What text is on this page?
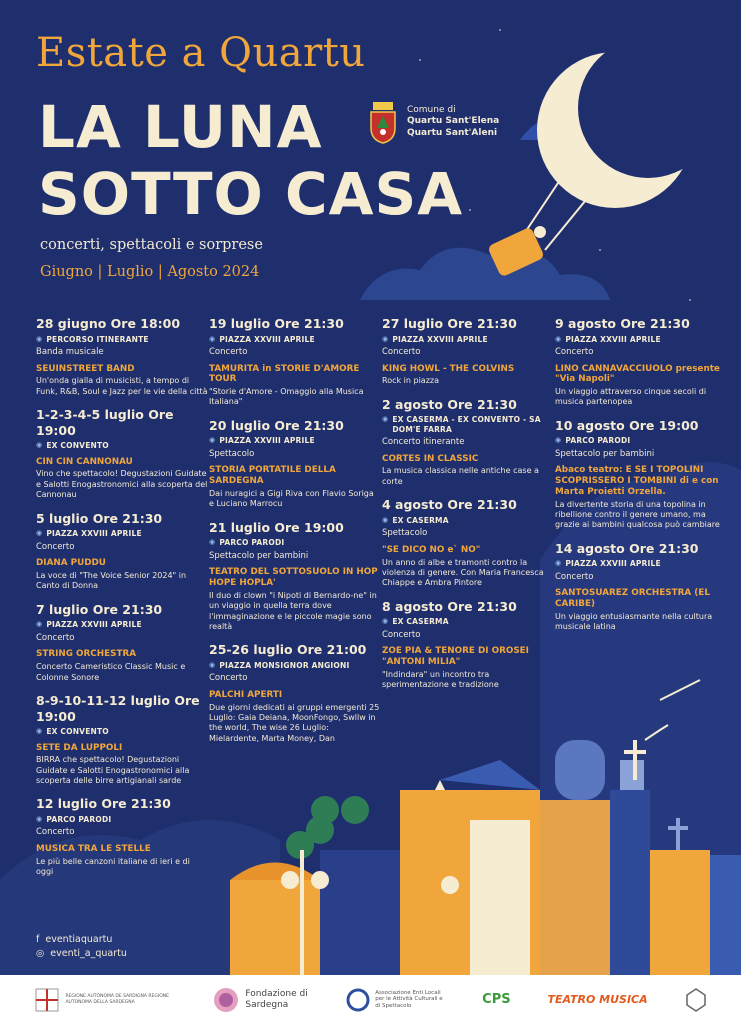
Estate a Quartu
LA LUNA
SOTTO CASA
concerti, spettacoli e sorprese
Giugno | Luglio | Agosto 2024
Comune di
Quartu Sant'Elena
Quartu Sant'Aleni
28 giugno Ore 18:00
◉ PERCORSO ITINERANTE
Banda musicale
SEUINSTREET BAND
Un'onda gialla di musicisti, a tempo di Funk, R&B, Soul e Jazz per le vie della città
1-2-3-4-5 luglio Ore 19:00
◉ EX CONVENTO
CIN CIN CANNONAU
Vino che spettacolo! Degustazioni Guidate e Salotti Enogastronomici alla scoperta del Cannonau
5 luglio Ore 21:30
◉ PIAZZA XXVIII APRILE
Concerto
DIANA PUDDU
La voce di "The Voice Senior 2024" in Canto di Donna
7 luglio Ore 21:30
◉ PIAZZA XXVIII APRILE
Concerto
STRING ORCHESTRA
Concerto Cameristico Classic Music e Colonne Sonore
8-9-10-11-12 luglio Ore 19:00
◉ EX CONVENTO
SETE DA LUPPOLI
BIRRA che spettacolo! Degustazioni Guidate e Salotti Enogastronomici alla scoperta delle birre artigianali sarde
12 luglio Ore 21:30
◉ PARCO PARODI
Concerto
MUSICA TRA LE STELLE
Le più belle canzoni italiane di ieri e di oggi
19 luglio Ore 21:30
◉ PIAZZA XXVIII APRILE
Concerto
TAMURITA in STORIE D'AMORE TOUR
"Storie d'Amore - Omaggio alla Musica Italiana"
20 luglio Ore 21:30
◉ PIAZZA XXVIII APRILE
Spettacolo
STORIA PORTATILE DELLA SARDEGNA
Dai nuragici a Gigi Riva con Flavio Soriga e Luciano Marrocu
21 luglio Ore 19:00
◉ PARCO PARODI
Spettacolo per bambini
TEATRO DEL SOTTOSUOLO IN HOP HOPE HOPLA'
Il duo di clown "i Nipoti di Bernardo-ne" in un viaggio in quella terra dove l'immaginazione e le piccole magie sono realtà
25-26 luglio Ore 21:00
◉ PIAZZA MONSIGNOR ANGIONI
Concerto
PALCHI APERTI
Due giorni dedicati ai gruppi emergenti 25 Luglio: Gaia Deiana, MoonFongo, Swllw in the world, The wise 26 Luglio: Mielardente, Marta Money, Dan
27 luglio Ore 21:30
◉ PIAZZA XXVIII APRILE
Concerto
KING HOWL - THE COLVINS
Rock in piazza
2 agosto Ore 21:30
◉ EX CASERMA - EX CONVENTO - SA DOM'E FARRA
Concerto itinerante
CORTES IN CLASSIC
La musica classica nelle antiche case a corte
4 agosto Ore 21:30
◉ EX CASERMA
Spettacolo
"SE DICO NO e` NO"
Un anno di albe e tramonti contro la violenza di genere. Con Maria Francesca Chiappe e Ambra Pintore
8 agosto Ore 21:30
◉ EX CASERMA
Concerto
ZOE PIA & TENORE DI OROSEI "ANTONI MILIA"
"Indindara" un incontro tra sperimentazione e tradizione
9 agosto Ore 21:30
◉ PIAZZA XXVIII APRILE
Concerto
LINO CANNAVACCIUOLO presente "Via Napoli"
Un viaggio attraverso cinque secoli di musica partenopea
10 agosto Ore 19:00
◉ PARCO PARODI
Spettacolo per bambini
Abaco teatro: E SE I TOPOLINI SCOPRISSERO I TOMBINI di e con Marta Proietti Orzella.
La divertente storia di una topolina in ribellione contro il genere umano, ma grazie ai bambini qualcosa può cambiare
14 agosto Ore 21:30
◉ PIAZZA XXVIII APRILE
Concerto
SANTOSUAREZ ORCHESTRA (EL CARIBE)
Un viaggio entusiasmante nella cultura musicale latina
f eventiaquartu
◎ eventi_a_quartu
REGIONE AUTÒNOMA DE SARDIGNA REGIONE AUTONOMA DELLA SARDEGNA
Fondazione di Sardegna
Associazione Enti Locali per le Attività Culturali e di Spettacolo	CPS	TEATRO MUSICA
